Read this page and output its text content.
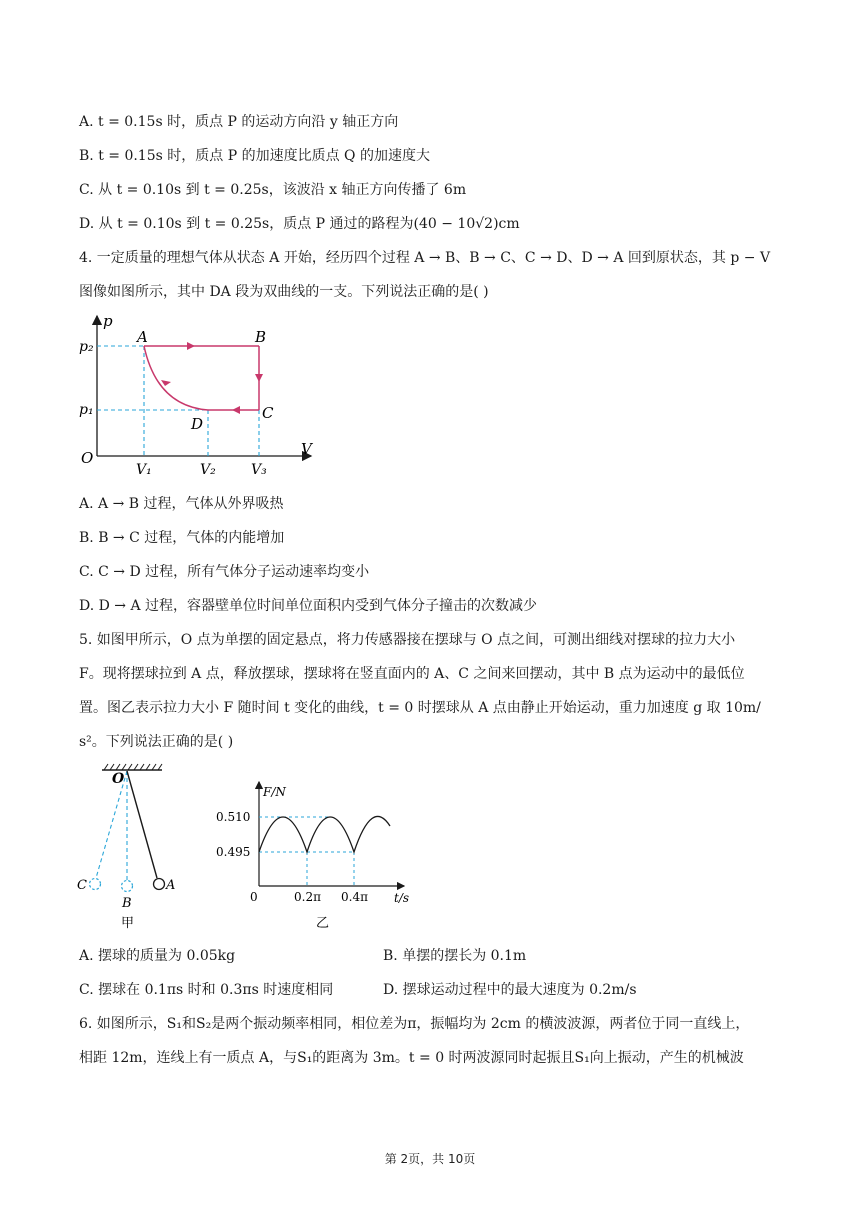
A. t = 0.15s 时，质点 P 的运动方向沿 y 轴正方向
B. t = 0.15s 时，质点 P 的加速度比质点 Q 的加速度大
C. 从 t = 0.10s 到 t = 0.25s，该波沿 x 轴正方向传播了 6m
D. 从 t = 0.10s 到 t = 0.25s，质点 P 通过的路程为(40 − 10√2)cm
4. 一定质量的理想气体从状态 A 开始，经历四个过程 A → B、B → C、C → D、D → A 回到原状态，其 p − V
图像如图所示，其中 DA 段为双曲线的一支。下列说法正确的是( )
p
V
O
p₂
p₁
V₁	V₂	V₃
A	B
C
D
A. A → B 过程，气体从外界吸热
B. B → C 过程，气体的内能增加
C. C → D 过程，所有气体分子运动速率均变小
D. D → A 过程，容器壁单位时间单位面积内受到气体分子撞击的次数减少
5. 如图甲所示，O 点为单摆的固定悬点，将力传感器接在摆球与 O 点之间，可测出细线对摆球的拉力大小
F。现将摆球拉到 A 点，释放摆球，摆球将在竖直面内的 A、C 之间来回摆动，其中 B 点为运动中的最低位
置。图乙表示拉力大小 F 随时间 t 变化的曲线，t = 0 时摆球从 A 点由静止开始运动，重力加速度 g 取 10m/
s²。下列说法正确的是( )
O
A
B
C
甲
F/N
t/s
0
0.510
0.495
0.2π 0.4π
乙
A. 摆球的质量为 0.05kg	B. 单摆的摆长为 0.1m
C. 摆球在 0.1πs 时和 0.3πs 时速度相同	D. 摆球运动过程中的最大速度为 0.2m/s
6. 如图所示，S₁和S₂是两个振动频率相同，相位差为π，振幅均为 2cm 的横波波源，两者位于同一直线上，
相距 12m，连线上有一质点 A，与S₁的距离为 3m。t = 0 时两波源同时起振且S₁向上振动，产生的机械波
第 2页，共 10页
